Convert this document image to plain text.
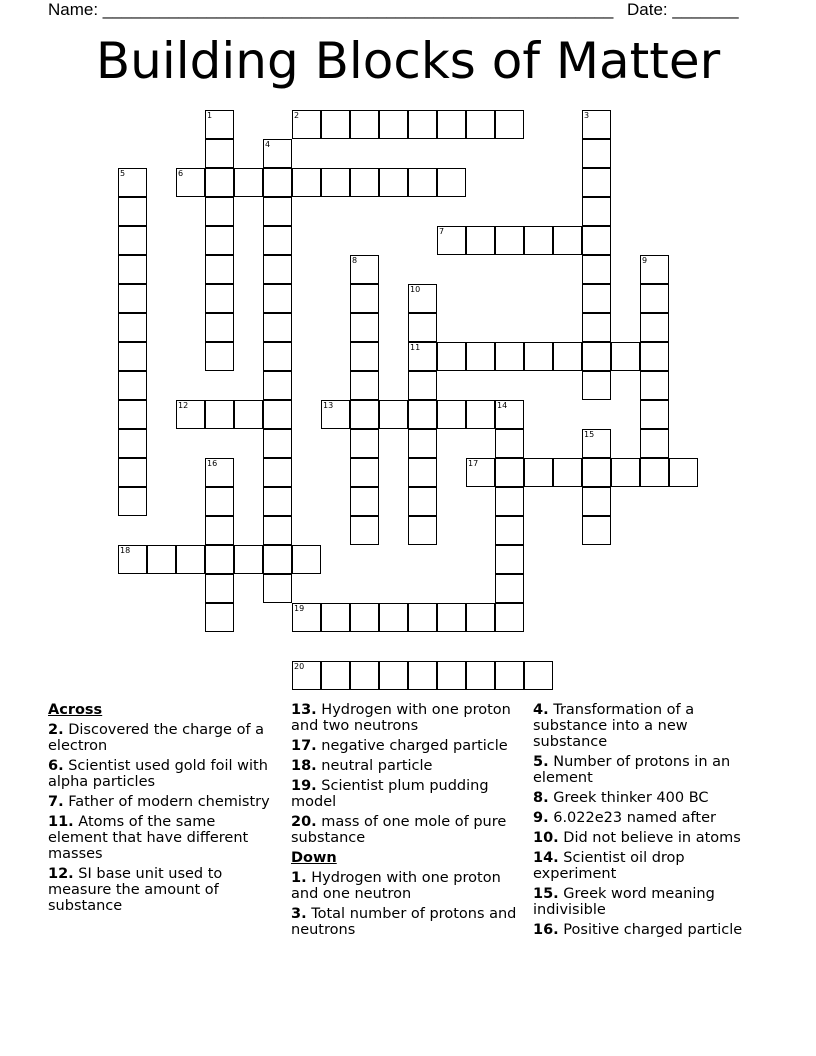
Name: ______________________________________________________ Date: _______
Building Blocks of Matter
1	2	3
4
5	6
7
8	9
10
11
12	13	14
15
16	17
18
19
20
Across
2. Discovered the charge of a electron
6. Scientist used gold foil with alpha particles
7. Father of modern chemistry
11. Atoms of the same element that have different masses
12. SI base unit used to measure the amount of substance
13. Hydrogen with one proton and two neutrons
17. negative charged particle
18. neutral particle
19. Scientist plum pudding model
20. mass of one mole of pure substance
Down
1. Hydrogen with one proton and one neutron
3. Total number of protons and neutrons
4. Transformation of a substance into a new substance
5. Number of protons in an element
8. Greek thinker 400 BC
9. 6.022e23 named after
10. Did not believe in atoms
14. Scientist oil drop experiment
15. Greek word meaning indivisible
16. Positive charged particle
